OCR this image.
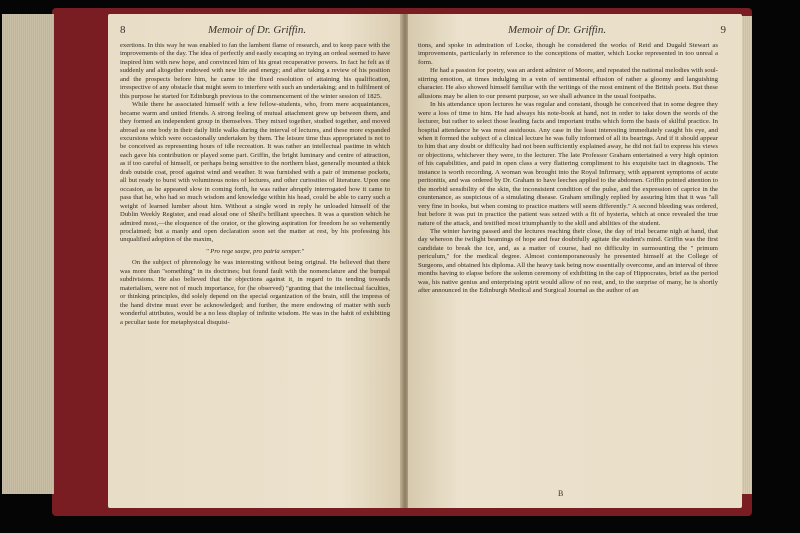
8	Memoir of Dr. Griffin.

exertions. In this way he was enabled to fan the lambent flame of research, and to keep pace with the improvements of the day. The idea of perfectly and easily escaping so trying an ordeal seemed to have inspired him with new hope, and convinced him of his great recuperative powers. In fact he felt as if suddenly and altogether endowed with new life and energy; and after taking a review of his position and the prospects before him, he came to the fixed resolution of attaining his qualification, irrespective of any obstacle that might seem to interfere with such an undertaking; and in fulfilment of this purpose he started for Edinburgh previous to the commencement of the winter session of 1825.

While there he associated himself with a few fellow-students, who, from mere acquaintances, became warm and united friends. A strong feeling of mutual attachment grew up between them, and they formed an independent group in themselves. They mixed together, studied together, and moved abroad as one body in their daily little walks during the interval of lectures, and these more expanded excursions which were occasionally undertaken by them. The leisure time thus appropriated is not to be conceived as representing hours of idle recreation. It was rather an intellectual pastime in which each gave his contribution or played some part. Griffin, the bright luminary and centre of attraction, as if too careful of himself, or perhaps being sensitive to the northern blast, generally mounted a thick drab outside coat, proof against wind and weather. It was furnished with a pair of immense pockets, all but ready to burst with voluminous notes of lectures, and other curiosities of literature. Upon one occasion, as he appeared slow in coming forth, he was rather abruptly interrogated how it came to pass that he, who had so much wisdom and knowledge within his head, could be able to carry such a weight of learned lumber about him. Without a single word in reply he unloaded himself of the Dublin Weekly Register, and read aloud one of Sheil's brilliant speeches. It was a question which he admired most,—the eloquence of the orator, or the glowing aspiration for freedom he so vehemently proclaimed; but a manly and open declaration soon set the matter at rest, by his professing his unqualified adoption of the maxim,

" Pro rege saepe, pro patria semper."

On the subject of phrenology he was interesting without being original. He believed that there was more than "something" in its doctrines; but found fault with the nomenclature and the bumpal subdivisions. He also believed that the objections against it, in regard to its tending towards materialism, were not of much importance, for (he observed) "granting that the intellectual faculties, or thinking principles, did solely depend on the special organization of the brain, still the impress of the hand divine must ever be acknowledged; and further, the mere endowing of matter with such wonderful attributes, would be a no less display of infinite wisdom. He was in the habit of exhibiting a peculiar taste for metaphysical disquisi-

Memoir of Dr. Griffin.	9

tions, and spoke in admiration of Locke, though he considered the works of Reid and Dugald Stewart as improvements, particularly in reference to the conceptions of matter, which Locke represented in too unreal a form.

He had a passion for poetry, was an ardent admirer of Moore, and repeated the national melodies with soul-stirring emotion, at times indulging in a vein of sentimental effusion of rather a gloomy and languishing character. He also showed himself familiar with the writings of the most eminent of the British poets. But these allusions may be alien to our present purpose, so we shall advance in the usual footpaths.

In his attendance upon lectures he was regular and constant, though he conceived that in some degree they were a loss of time to him. He had always his note-book at hand, not in order to take down the words of the lecturer, but rather to select those leading facts and important truths which form the basis of skilful practice. In hospital attendance he was most assiduous. Any case in the least interesting immediately caught his eye, and when it formed the subject of a clinical lecture he was fully informed of all its bearings. And if it should appear to him that any doubt or difficulty had not been sufficiently explained away, he did not fail to express his views or objections, whichever they were, to the lecturer. The late Professor Graham entertained a very high opinion of his capabilities, and paid in open class a very flattering compliment to his exquisite tact in diagnosis. The instance is worth recording. A woman was brought into the Royal Infirmary, with apparent symptoms of acute peritonitis, and was ordered by Dr. Graham to have leeches applied to the abdomen. Griffin pointed attention to the morbid sensibility of the skin, the inconsistent condition of the pulse, and the expression of caprice in the countenance, as suspicious of a simulating disease. Graham smilingly replied by assuring him that it was "all very fine in books, but when coming to practice matters will seem differently." A second bleeding was ordered, but before it was put in practice the patient was seized with a fit of hysteria, which at once revealed the true nature of the attack, and testified most triumphantly to the skill and abilities of the student.

The winter having passed and the lectures reaching their close, the day of trial became nigh at hand, that day whereon the twilight beamings of hope and fear doubtfully agitate the student's mind. Griffin was the first candidate to break the ice, and, as a matter of course, had no difficulty in surmounting the " primum periculum," for the medical degree. Almost contemporaneously he presented himself at the College of Surgeons, and obtained his diploma. All the heavy task being now essentially overcome, and an interval of three months having to elapse before the solemn ceremony of exhibiting in the cap of Hippocrates, brief as the period was, his native genius and enterprising spirit would allow of no rest, and, to the surprise of many, he is shortly after announced in the Edinburgh Medical and Surgical Journal as the author of an

B
